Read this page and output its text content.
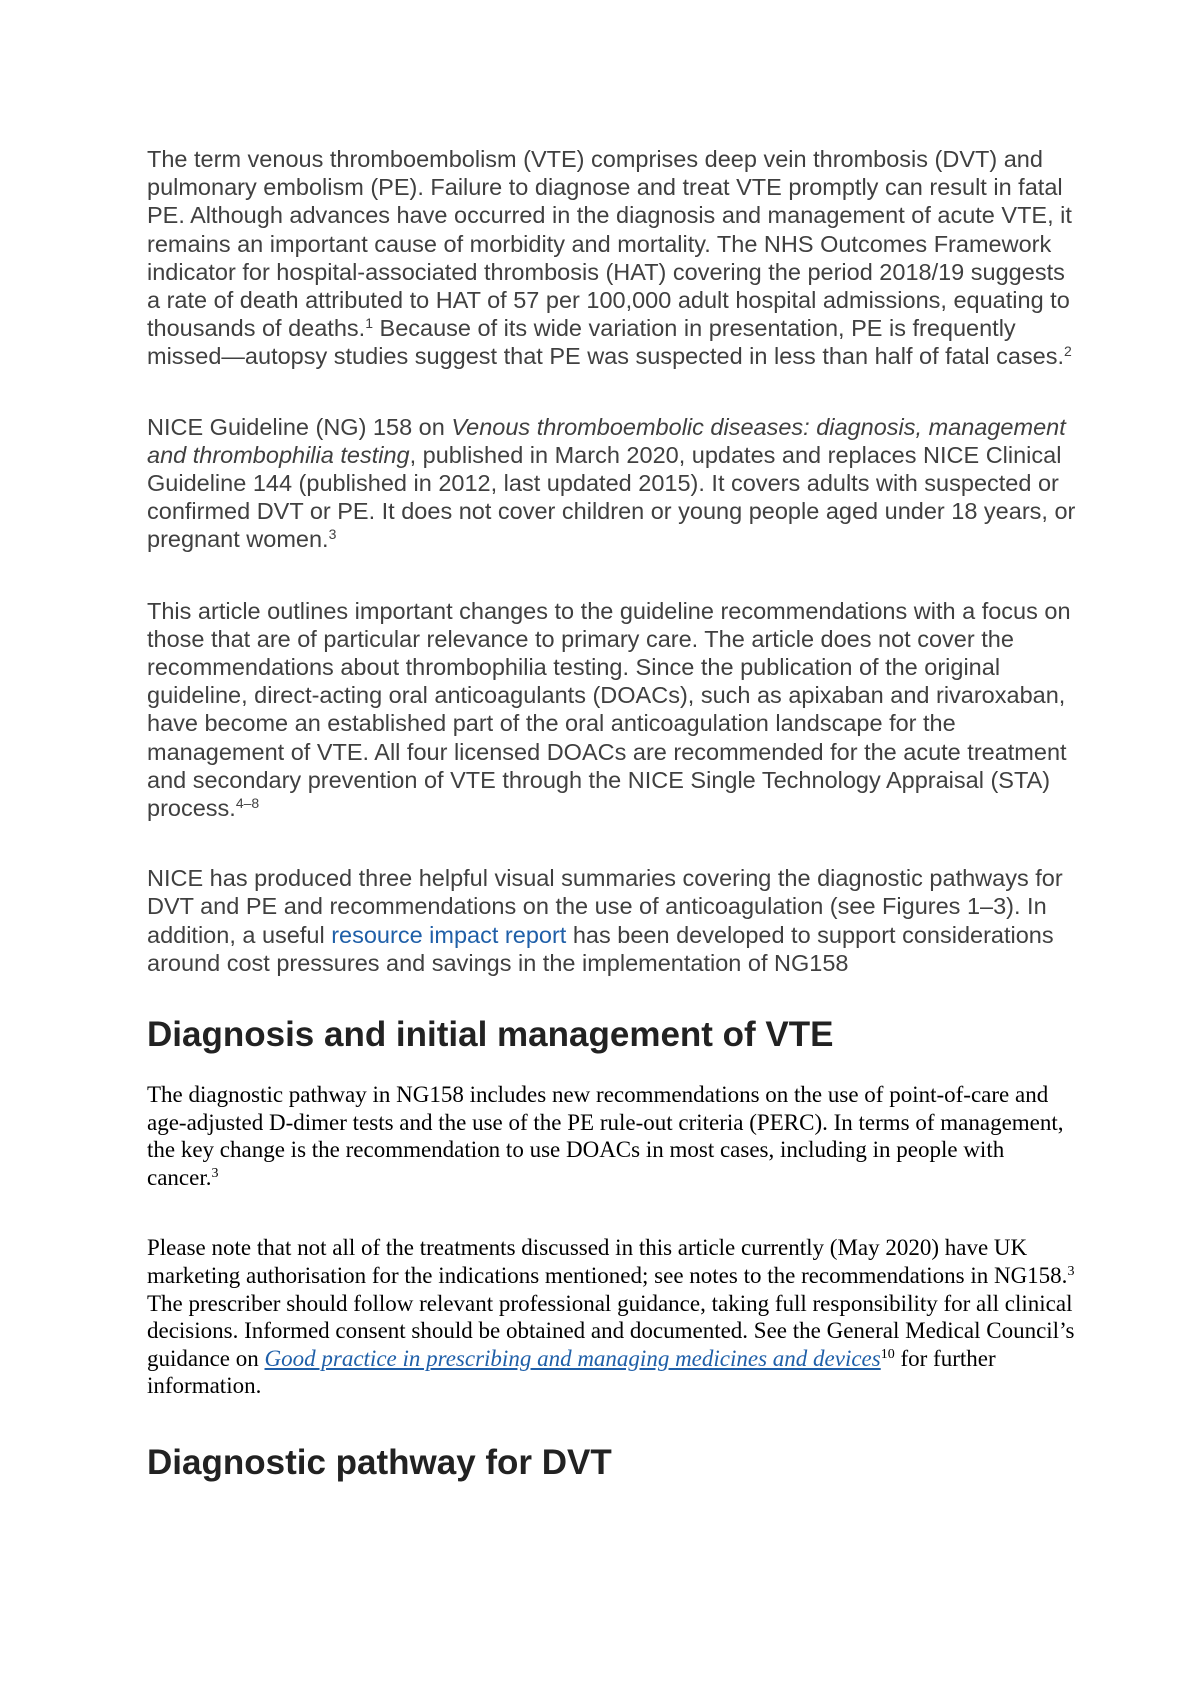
The term venous thromboembolism (VTE) comprises deep vein thrombosis (DVT) and pulmonary embolism (PE). Failure to diagnose and treat VTE promptly can result in fatal PE. Although advances have occurred in the diagnosis and management of acute VTE, it remains an important cause of morbidity and mortality. The NHS Outcomes Framework indicator for hospital-associated thrombosis (HAT) covering the period 2018/19 suggests a rate of death attributed to HAT of 57 per 100,000 adult hospital admissions, equating to thousands of deaths.$^1$ Because of its wide variation in presentation, PE is frequently missed—autopsy studies suggest that PE was suspected in less than half of fatal cases.$^2$

NICE Guideline (NG) 158 on Venous thromboembolic diseases: diagnosis, management and thrombophilia testing, published in March 2020, updates and replaces NICE Clinical Guideline 144 (published in 2012, last updated 2015). It covers adults with suspected or confirmed DVT or PE. It does not cover children or young people aged under 18 years, or pregnant women.$^3$

This article outlines important changes to the guideline recommendations with a focus on those that are of particular relevance to primary care. The article does not cover the recommendations about thrombophilia testing. Since the publication of the original guideline, direct-acting oral anticoagulants (DOACs), such as apixaban and rivaroxaban, have become an established part of the oral anticoagulation landscape for the management of VTE. All four licensed DOACs are recommended for the acute treatment and secondary prevention of VTE through the NICE Single Technology Appraisal (STA) process.$^{4-8}$

NICE has produced three helpful visual summaries covering the diagnostic pathways for DVT and PE and recommendations on the use of anticoagulation (see Figures 1–3). In addition, a useful resource impact report has been developed to support considerations around cost pressures and savings in the implementation of NG158

Diagnosis and initial management of VTE

The diagnostic pathway in NG158 includes new recommendations on the use of point-of-care and age-adjusted D-dimer tests and the use of the PE rule-out criteria (PERC). In terms of management, the key change is the recommendation to use DOACs in most cases, including in people with cancer.$^3$

Please note that not all of the treatments discussed in this article currently (May 2020) have UK marketing authorisation for the indications mentioned; see notes to the recommendations in NG158.$^3$ The prescriber should follow relevant professional guidance, taking full responsibility for all clinical decisions. Informed consent should be obtained and documented. See the General Medical Council’s guidance on Good practice in prescribing and managing medicines and devices$^{10}$ for further information.

Diagnostic pathway for DVT
